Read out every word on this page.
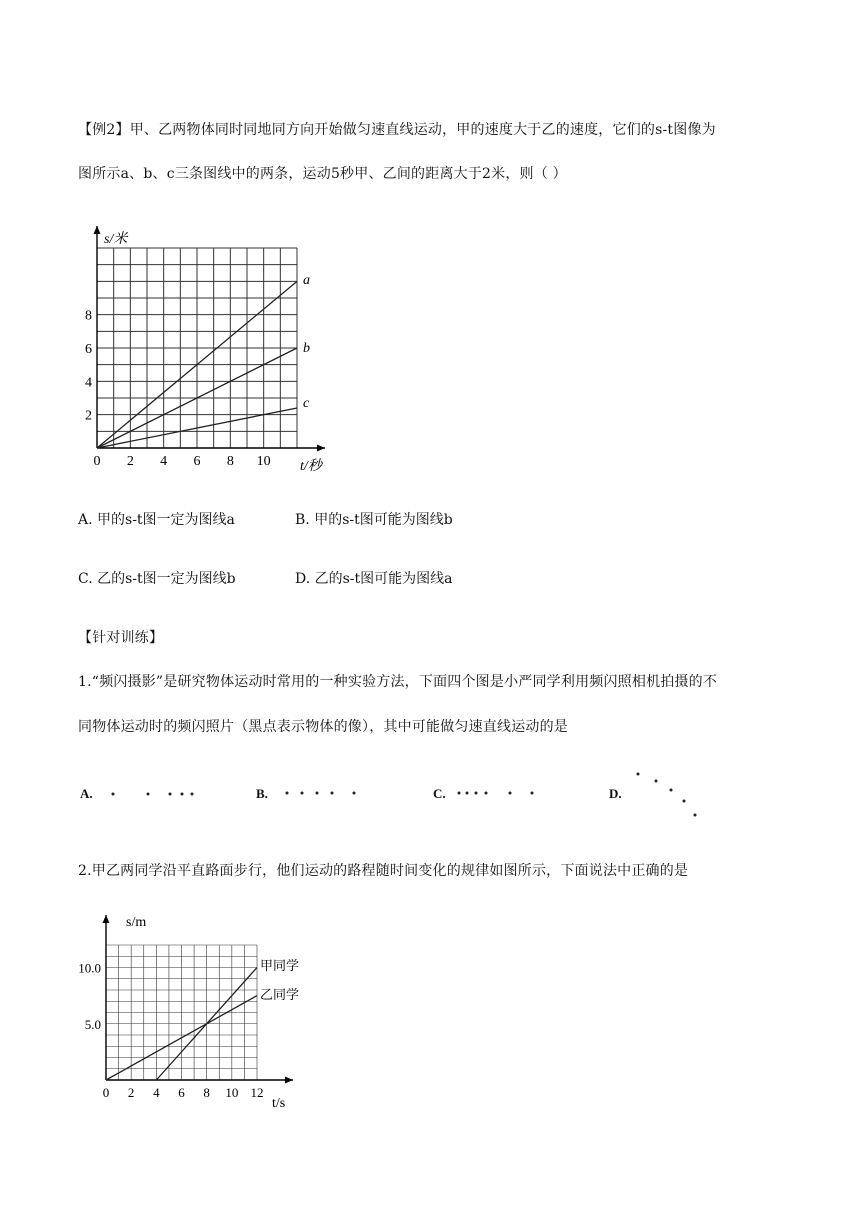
【例2】甲、乙两物体同时同地同方向开始做匀速直线运动，甲的速度大于乙的速度，它们的s-t图像为
图所示a、b、c三条图线中的两条，运动5秒甲、乙间的距离大于2米，则（ ）
0 2 4 6 8 10
2
4
6
8
s/米
t/秒
a
b
c
A. 甲的s-t图一定为图线a	B. 甲的s-t图可能为图线b
C. 乙的s-t图一定为图线b	D. 乙的s-t图可能为图线a
【针对训练】
1.“频闪摄影”是研究物体运动时常用的一种实验方法，下面四个图是小严同学利用频闪照相机拍摄的不
同物体运动时的频闪照片（黑点表示物体的像），其中可能做匀速直线运动的是
A.	B.	C.	D.
2.甲乙两同学沿平直路面步行，他们运动的路程随时间变化的规律如图所示，下面说法中正确的是
0 2 4 6 8 10 12
5.0
10.0
s/m
t/s
甲同学
乙同学
